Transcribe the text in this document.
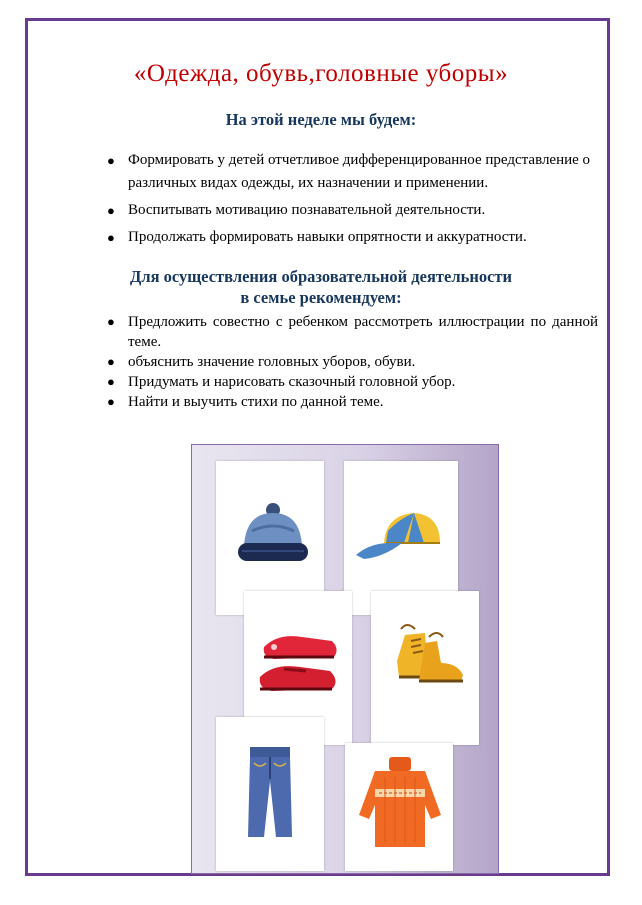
«Одежда, обувь,головные уборы»
На этой неделе мы будем:
● Формировать у детей отчетливое дифференцированное представление о различных видах одежды, их назначении и применении.
● Воспитывать мотивацию познавательной деятельности.
● Продолжать формировать навыки опрятности и аккуратности.
Для осуществления образовательной деятельности
в семье рекомендуем:
● Предложить совестно с ребенком рассмотреть иллюстрации по данной теме.
● объяснить значение головных уборов, обуви.
● Придумать и нарисовать сказочный головной убор.
● Найти и выучить стихи по данной теме.
